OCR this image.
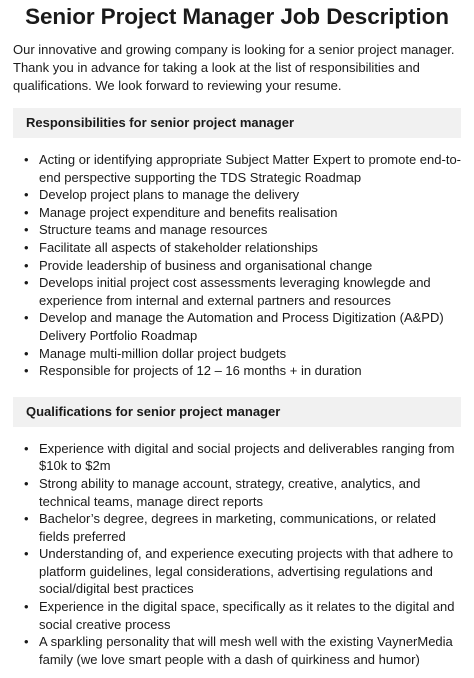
Senior Project Manager Job Description

Our innovative and growing company is looking for a senior project manager. Thank you in advance for taking a look at the list of responsibilities and qualifications. We look forward to reviewing your resume.

Responsibilities for senior project manager
• Acting or identifying appropriate Subject Matter Expert to promote end-to-end perspective supporting the TDS Strategic Roadmap
• Develop project plans to manage the delivery
• Manage project expenditure and benefits realisation
• Structure teams and manage resources
• Facilitate all aspects of stakeholder relationships
• Provide leadership of business and organisational change
• Develops initial project cost assessments leveraging knowlegde and experience from internal and external partners and resources
• Develop and manage the Automation and Process Digitization (A&PD) Delivery Portfolio Roadmap
• Manage multi-million dollar project budgets
• Responsible for projects of 12 – 16 months + in duration
Qualifications for senior project manager
• Experience with digital and social projects and deliverables ranging from $10k to $2m
• Strong ability to manage account, strategy, creative, analytics, and technical teams, manage direct reports
• Bachelor’s degree, degrees in marketing, communications, or related fields preferred
• Understanding of, and experience executing projects with that adhere to platform guidelines, legal considerations, advertising regulations and social/digital best practices
• Experience in the digital space, specifically as it relates to the digital and social creative process
• A sparkling personality that will mesh well with the existing VaynerMedia family (we love smart people with a dash of quirkiness and humor)
